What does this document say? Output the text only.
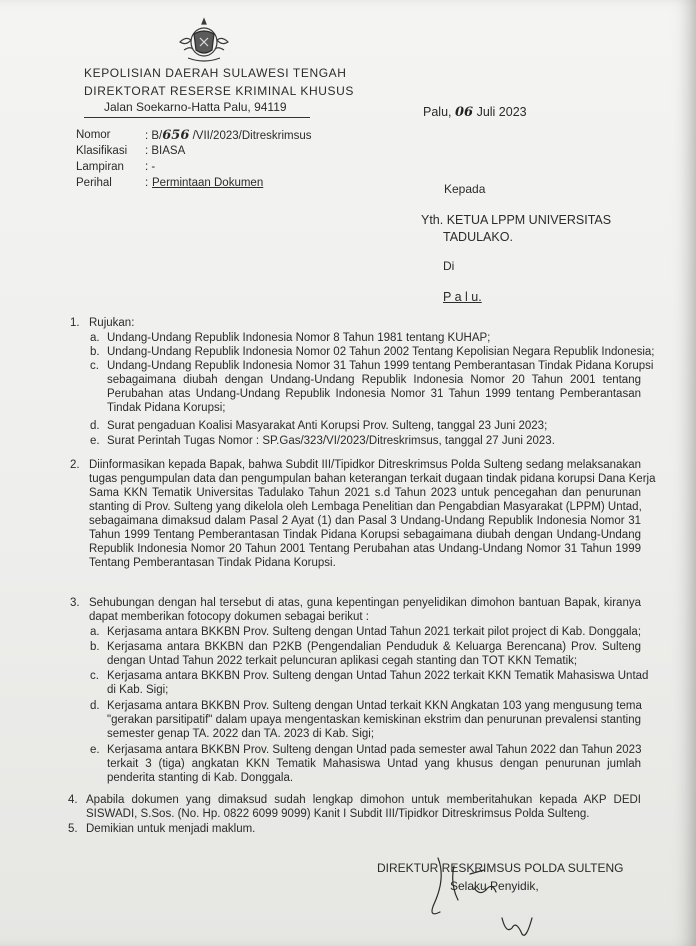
KEPOLISIAN DAERAH SULAWESI TENGAH
DIREKTORAT RESERSE KRIMINAL KHUSUS
Jalan Soekarno-Hatta Palu, 94119	Palu, 06 Juli 2023
Nomor	: B/656 /VII/2023/Ditreskrimsus
Klasifikasi : BIASA
Lampiran : -
Perihal	: Permintaan Dokumen	Kepada
Yth. KETUA LPPM UNIVERSITAS
TADULAKO.
Di
P a l u.
1. Rujukan:
a. Undang-Undang Republik Indonesia Nomor 8 Tahun 1981 tentang KUHAP;
b. Undang-Undang Republik Indonesia Nomor 02 Tahun 2002 Tentang Kepolisian Negara Republik Indonesia;
c. Undang-Undang Republik Indonesia Nomor 31 Tahun 1999 tentang Pemberantasan Tindak Pidana Korupsi
sebagaimana diubah dengan Undang-Undang Republik Indonesia Nomor 20 Tahun 2001 tentang
Perubahan atas Undang-Undang Republik Indonesia Nomor 31 Tahun 1999 tentang Pemberantasan
Tindak Pidana Korupsi;
d. Surat pengaduan Koalisi Masyarakat Anti Korupsi Prov. Sulteng, tanggal 23 Juni 2023;
e. Surat Perintah Tugas Nomor : SP.Gas/323/VI/2023/Ditreskrimsus, tanggal 27 Juni 2023.
2. Diinformasikan kepada Bapak, bahwa Subdit III/Tipidkor Ditreskrimsus Polda Sulteng sedang melaksanakan
tugas pengumpulan data dan pengumpulan bahan keterangan terkait dugaan tindak pidana korupsi Dana Kerja
Sama KKN Tematik Universitas Tadulako Tahun 2021 s.d Tahun 2023 untuk pencegahan dan penurunan
stanting di Prov. Sulteng yang dikelola oleh Lembaga Penelitian dan Pengabdian Masyarakat (LPPM) Untad,
sebagaimana dimaksud dalam Pasal 2 Ayat (1) dan Pasal 3 Undang-Undang Republik Indonesia Nomor 31
Tahun 1999 Tentang Pemberantasan Tindak Pidana Korupsi sebagaimana diubah dengan Undang-Undang
Republik Indonesia Nomor 20 Tahun 2001 Tentang Perubahan atas Undang-Undang Nomor 31 Tahun 1999
Tentang Pemberantasan Tindak Pidana Korupsi.
3. Sehubungan dengan hal tersebut di atas, guna kepentingan penyelidikan dimohon bantuan Bapak, kiranya
dapat memberikan fotocopy dokumen sebagai berikut :
a. Kerjasama antara BKKBN Prov. Sulteng dengan Untad Tahun 2021 terkait pilot project di Kab. Donggala;
b. Kerjasama antara BKKBN dan P2KB (Pengendalian Penduduk & Keluarga Berencana) Prov. Sulteng
dengan Untad Tahun 2022 terkait peluncuran aplikasi cegah stanting dan TOT KKN Tematik;
c. Kerjasama antara BKKBN Prov. Sulteng dengan Untad Tahun 2022 terkait KKN Tematik Mahasiswa Untad
di Kab. Sigi;
d. Kerjasama antara BKKBN Prov. Sulteng dengan Untad terkait KKN Angkatan 103 yang mengusung tema
"gerakan parsitipatif" dalam upaya mengentaskan kemiskinan ekstrim dan penurunan prevalensi stanting
semester genap TA. 2022 dan TA. 2023 di Kab. Sigi;
e. Kerjasama antara BKKBN Prov. Sulteng dengan Untad pada semester awal Tahun 2022 dan Tahun 2023
terkait 3 (tiga) angkatan KKN Tematik Mahasiswa Untad yang khusus dengan penurunan jumlah
penderita stanting di Kab. Donggala.
4. Apabila dokumen yang dimaksud sudah lengkap dimohon untuk memberitahukan kepada AKP DEDI
SISWADI, S.Sos. (No. Hp. 0822 6099 9099) Kanit I Subdit III/Tipidkor Ditreskrimsus Polda Sulteng.
5. Demikian untuk menjadi maklum.
DIREKTUR RESKRIMSUS POLDA SULTENG
Selaku Penyidik,
